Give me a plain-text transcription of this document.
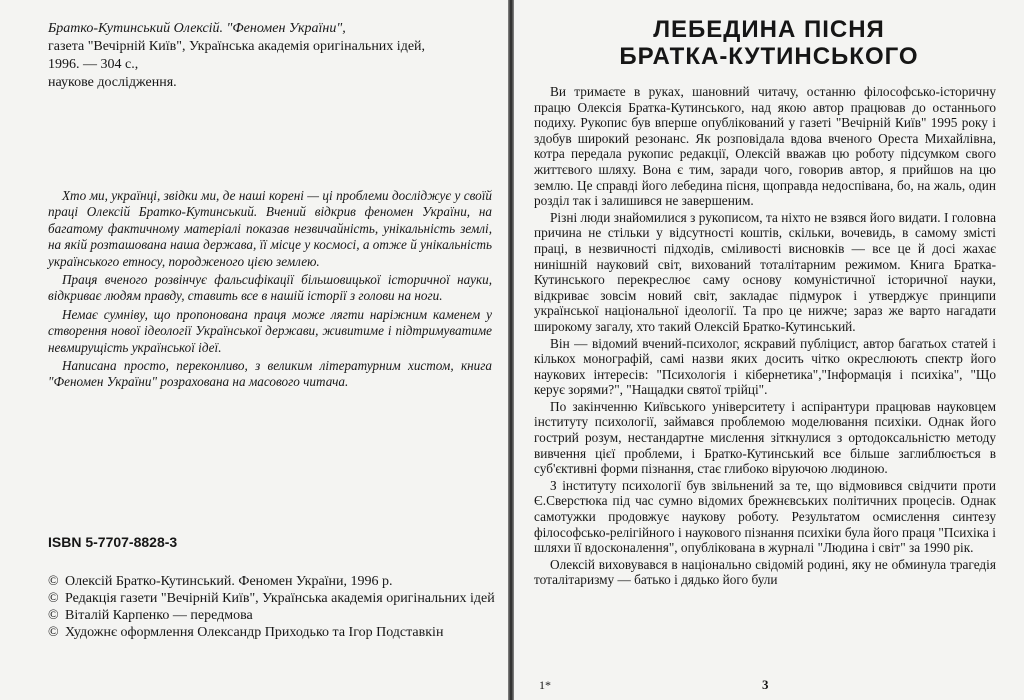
Братко-Кутинський Олексій. "Феномен України",
газета "Вечірній Київ", Українська академія оригінальних ідей,
1996. — 304 с.,
наукове дослідження.

Хто ми, українці, звідки ми, де наші корені — ці проблеми досліджує у своїй праці Олексій Братко-Кутинський. Вчений відкрив феномен України, на багатому фактичному матеріалі показав незвичайність, унікальність землі, на якій розташована наша держава, її місце у космосі, а отже й унікальність українського етносу, породженого цією землею.

Праця вченого розвінчує фальсифікації більшовицької історичної науки, відкриває людям правду, ставить все в нашій історії з голови на ноги.

Немає сумніву, що пропонована праця може лягти наріжним каменем у створення нової ідеології Української держави, живитиме і підтримуватиме невмирущість української ідеї.

Написана просто, переконливо, з великим літературним хистом, книга "Феномен України" розрахована на масового читача.

ISBN 5-7707-8828-3
© Олексій Братко-Кутинський. Феномен України, 1996 р.
© Редакція газети "Вечірній Київ", Українська академія оригінальних ідей
© Віталій Карпенко — передмова
© Художнє оформлення Олександр Приходько та Ігор Подставкін
ЛЕБЕДИНА ПІСНЯ
БРАТКА-КУТИНСЬКОГО

Ви тримаєте в руках, шановний читачу, останню філософсько-історичну працю Олексія Братка-Кутинського, над якою автор працював до останнього подиху. Рукопис був вперше опублікований у газеті "Вечірній Київ" 1995 року і здобув широкий резонанс. Як розповідала вдова вченого Ореста Михайлівна, котра передала рукопис редакції, Олексій вважав цю роботу підсумком свого життєвого шляху. Вона є тим, заради чого, говорив автор, я прийшов на цю землю. Це справді його лебедина пісня, щоправда недоспівана, бо, на жаль, один розділ так і залишився не завершеним.

Різні люди знайомилися з рукописом, та ніхто не взявся його видати. І головна причина не стільки у відсутності коштів, скільки, вочевидь, в самому змісті праці, в незвичності підходів, сміливості висновків — все це й досі жахає нинішній науковий світ, вихований тоталітарним режимом. Книга Братка-Кутинського перекреслює саму основу комуністичної історичної науки, відкриває зовсім новий світ, закладає підмурок і утверджує принципи української національної ідеології. Та про це нижче; зараз же варто нагадати широкому загалу, хто такий Олексій Братко-Кутинський.

Він — відомий вчений-психолог, яскравий публіцист, автор багатьох статей і кількох монографій, самі назви яких досить чітко окреслюють спектр його наукових інтересів: "Психологія і кібернетика","Інформація і психіка", "Що керує зорями?", "Нащадки святої трійці".

По закінченню Київського університету і аспірантури працював науковцем інституту психології, займався проблемою моделювання психіки. Однак його гострий розум, нестандартне мислення зіткнулися з ортодоксальністю методу вивчення цієї проблеми, і Братко-Кутинський все більше заглиблюється в суб'єктивні форми пізнання, стає глибоко віруючою людиною.

З інституту психології був звільнений за те, що відмовився свідчити проти Є.Сверстюка під час сумно відомих брежнєвських політичних процесів. Однак самотужки продовжує наукову роботу. Результатом осмислення синтезу філософсько-релігійного і наукового пізнання психіки була його праця "Психіка і шляхи її вдосконалення", опублікована в журналі "Людина і світ" за 1990 рік.

Олексій виховувався в національно свідомій родині, яку не обминула трагедія тоталітаризму — батько і дядько його були

1*	3
